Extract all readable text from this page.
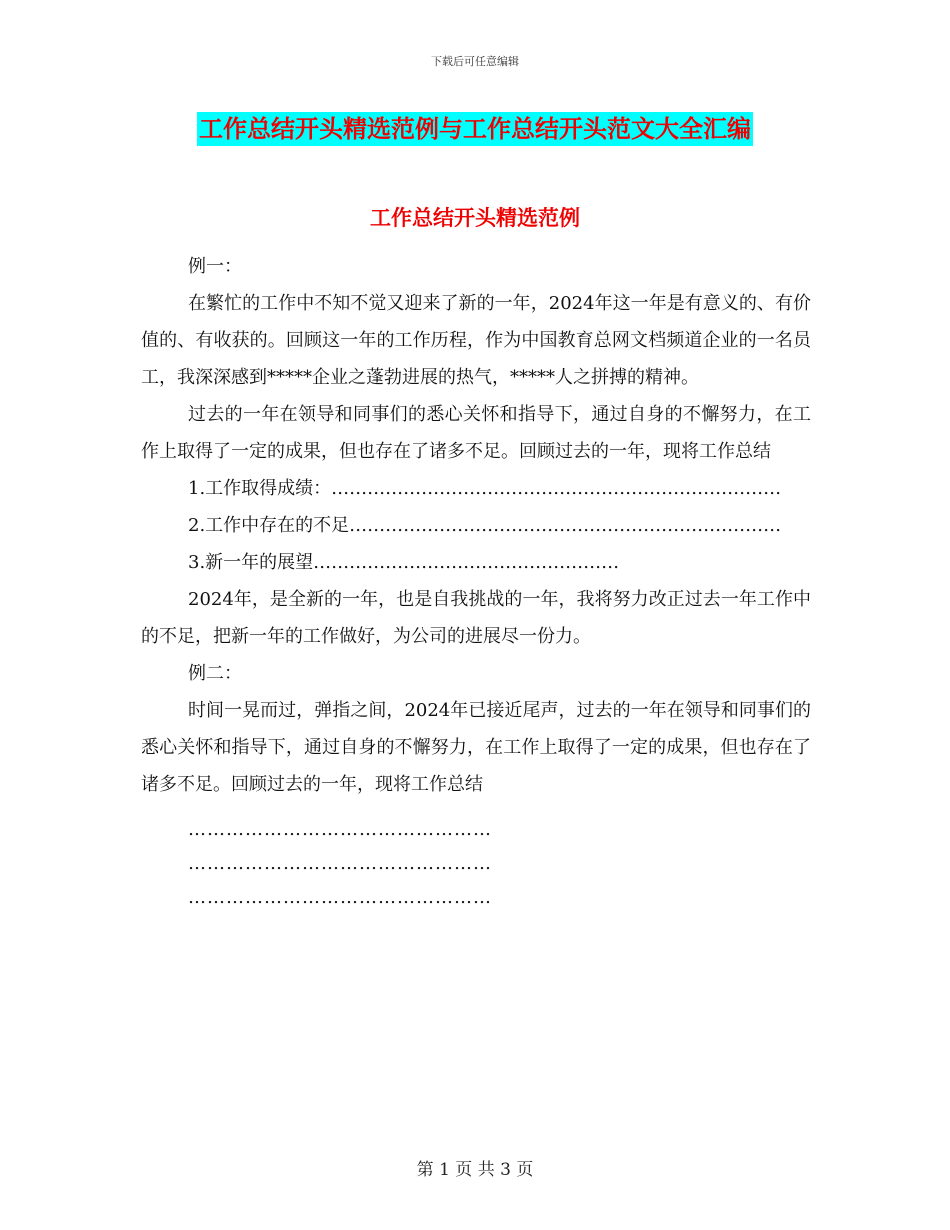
下载后可任意编辑
工作总结开头精选范例与工作总结开头范文大全汇编
工作总结开头精选范例

例一：

在繁忙的工作中不知不觉又迎来了新的一年，2024年这一年是有意义的、有价值的、有收获的。回顾这一年的工作历程，作为中国教育总网文档频道企业的一名员工，我深深感到*****企业之蓬勃进展的热气，*****人之拼搏的精神。

过去的一年在领导和同事们的悉心关怀和指导下，通过自身的不懈努力，在工作上取得了一定的成果，但也存在了诸多不足。回顾过去的一年，现将工作总结

1.工作取得成绩：…………………………………………………………………

2.工作中存在的不足………………………………………………………………

3.新一年的展望……………………………………………

2024年，是全新的一年，也是自我挑战的一年，我将努力改正过去一年工作中的不足，把新一年的工作做好，为公司的进展尽一份力。

例二：

时间一晃而过，弹指之间，2024年已接近尾声，过去的一年在领导和同事们的悉心关怀和指导下，通过自身的不懈努力，在工作上取得了一定的成果，但也存在了诸多不足。回顾过去的一年，现将工作总结

…………………………………………

…………………………………………

…………………………………………

第 1 页 共 3 页
